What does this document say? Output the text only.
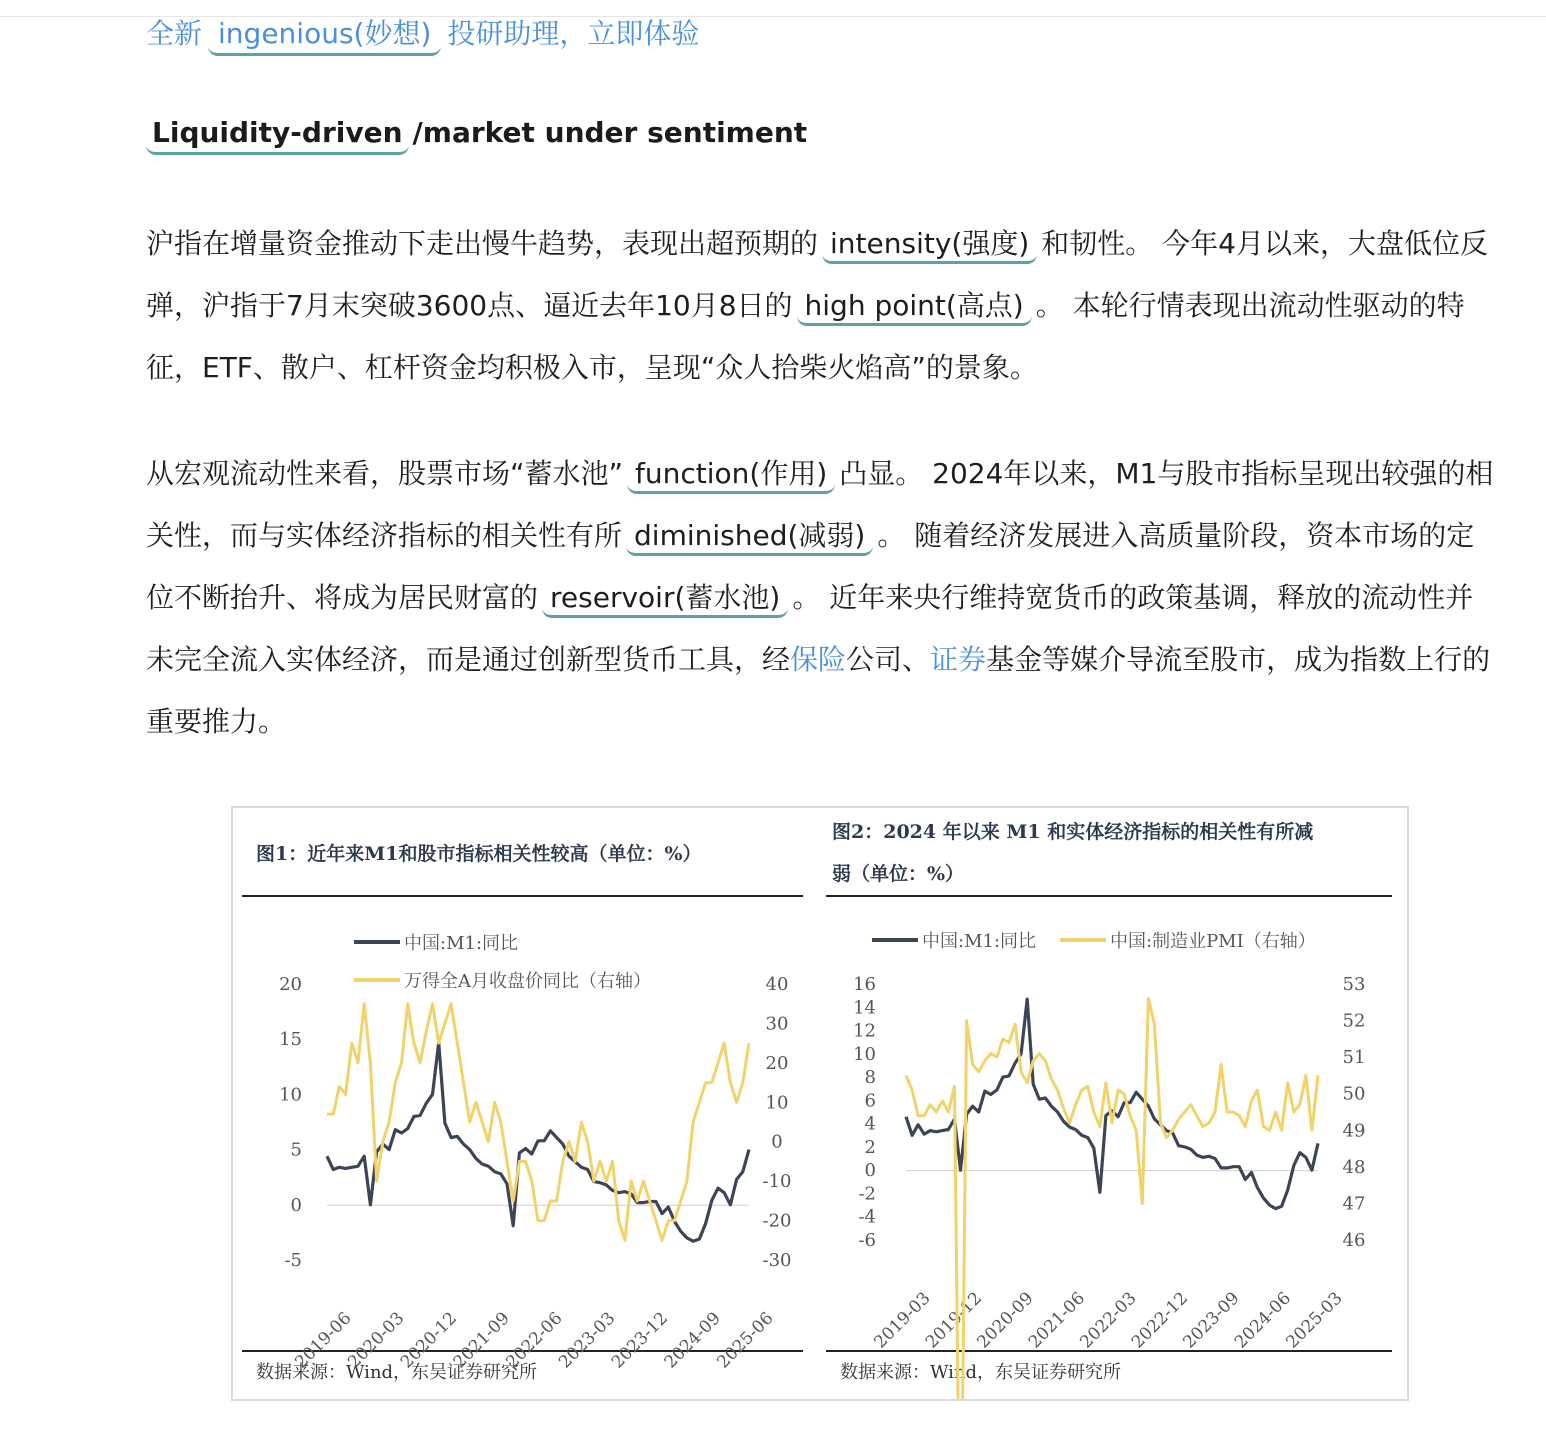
全新 ingenious(妙想) 投研助理，立即体验
Liquidity-driven /market under sentiment
沪指在增量资金推动下走出慢牛趋势，表现出超预期的 intensity(强度) 和韧性。 今年4月以来，大盘低位反弹，沪指于7月末突破3600点、逼近去年10月8日的 high point(高点) 。 本轮行情表现出流动性驱动的特征，ETF、散户、杠杆资金均积极入市，呈现“众人拾柴火焰高”的景象。
从宏观流动性来看，股票市场“蓄水池” function(作用) 凸显。 2024年以来，M1与股市指标呈现出较强的相关性，而与实体经济指标的相关性有所 diminished(减弱) 。 随着经济发展进入高质量阶段，资本市场的定位不断抬升、将成为居民财富的 reservoir(蓄水池) 。 近年来央行维持宽货币的政策基调，释放的流动性并未完全流入实体经济，而是通过创新型货币工具，经保险公司、证券基金等媒介导流至股市，成为指数上行的重要推力。
图1：近年来M1和股市指标相关性较高（单位：%）
数据来源：Wind，东吴证券研究所
20
15
10
5
0
-5
40
30
20
10
0
-10
-20
-30
2019-06
2020-03
2020-12
2021-09
2022-06
2023-03
2023-12
2024-09
2025-06
中国:M1:同比
万得全A月收盘价同比（右轴）
图2：2024 年以来 M1 和实体经济指标的相关性有所减
弱（单位：%）
数据来源：Wind，东吴证券研究所
16
14
12
10
8
6
4
2
0
-2
-4
-6
53
52
51
50
49
48
47
46
2019-03
2019-12
2020-09
2021-06
2022-03
2022-12
2023-09
2024-06
2025-03
中国:M1:同比	中国:制造业PMI（右轴）
